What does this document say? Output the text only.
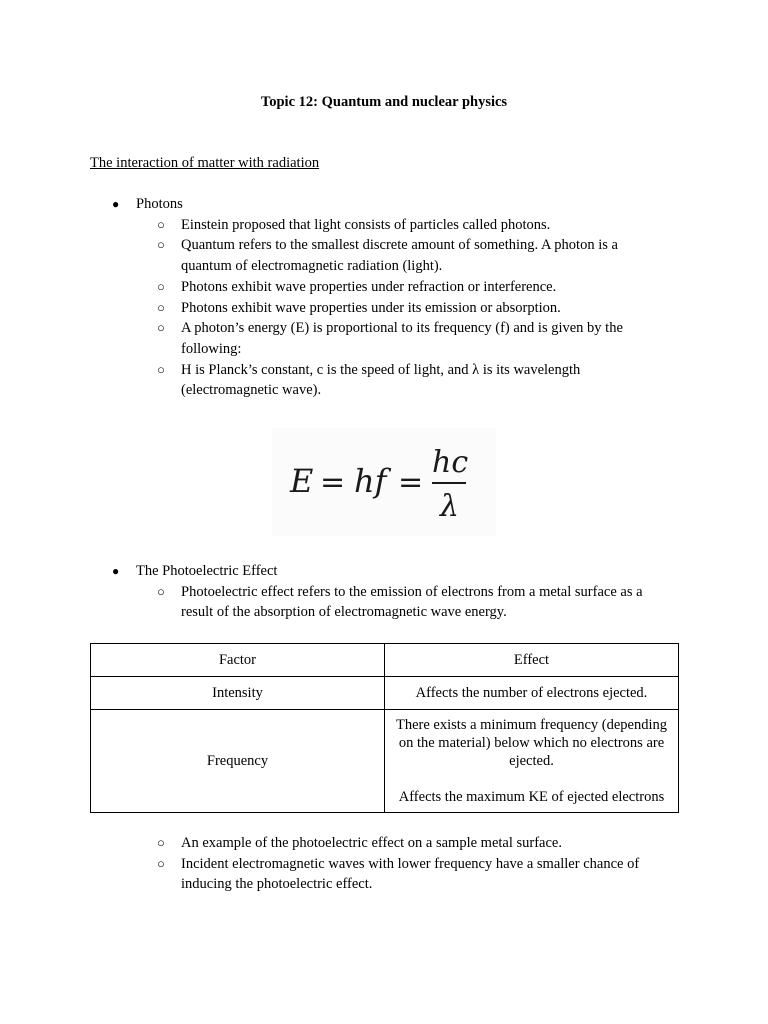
Topic 12: Quantum and nuclear physics
The interaction of matter with radiation
● Photons
○ Einstein proposed that light consists of particles called photons.
○ Quantum refers to the smallest discrete amount of something. A photon is a quantum of electromagnetic radiation (light).
○ Photons exhibit wave properties under refraction or interference.
○ Photons exhibit wave properties under its emission or absorption.
○ A photon’s energy (E) is proportional to its frequency (f) and is given by the following:
○ H is Planck’s constant, c is the speed of light, and λ is its wavelength (electromagnetic wave).
E = hf =
hc
λ
● The Photoelectric Effect
○ Photoelectric effect refers to the emission of electrons from a metal surface as a result of the absorption of electromagnetic wave energy.
Factor	Effect
Intensity	Affects the number of electrons ejected.
Frequency	There exists a minimum frequency (depending on the material) below which no electrons are ejected.

Affects the maximum KE of ejected electrons

○ An example of the photoelectric effect on a sample metal surface.
○ Incident electromagnetic waves with lower frequency have a smaller chance of inducing the photoelectric effect.
